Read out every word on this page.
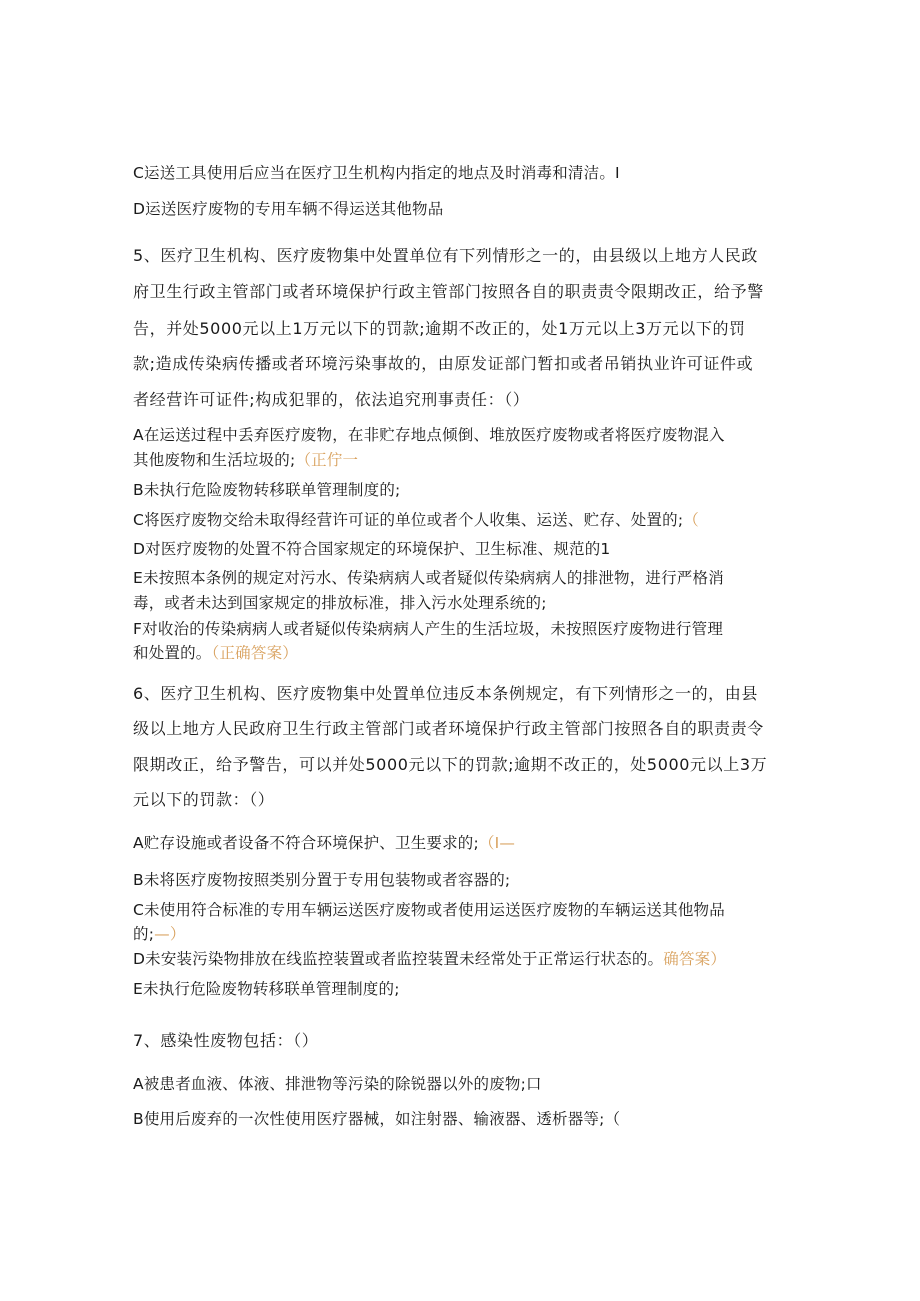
C运送工具使用后应当在医疗卫生机构内指定的地点及时消毒和清洁。I
D运送医疗废物的专用车辆不得运送其他物品
5、医疗卫生机构、医疗废物集中处置单位有下列情形之一的，由县级以上地方人民政
府卫生行政主管部门或者环境保护行政主管部门按照各自的职责责令限期改正，给予警
告，并处5000元以上1万元以下的罚款;逾期不改正的，处1万元以上3万元以下的罚
款;造成传染病传播或者环境污染事故的，由原发证部门暂扣或者吊销执业许可证件或
者经营许可证件;构成犯罪的，依法追究刑事责任：（）
A在运送过程中丢弃医疗废物，在非贮存地点倾倒、堆放医疗废物或者将医疗废物混入
其他废物和生活垃圾的;（正佇一
B未执行危险废物转移联单管理制度的;
C将医疗废物交给未取得经营许可证的单位或者个人收集、运送、贮存、处置的;（
D对医疗废物的处置不符合国家规定的环境保护、卫生标准、规范的1
E未按照本条例的规定对污水、传染病病人或者疑似传染病病人的排泄物，进行严格消
毒，或者未达到国家规定的排放标准，排入污水处理系统的;
F对收治的传染病病人或者疑似传染病病人产生的生活垃圾，未按照医疗废物进行管理
和处置的。（正确答案）
6、医疗卫生机构、医疗废物集中处置单位违反本条例规定，有下列情形之一的，由县
级以上地方人民政府卫生行政主管部门或者环境保护行政主管部门按照各自的职责责令
限期改正，给予警告，可以并处5000元以下的罚款;逾期不改正的，处5000元以上3万
元以下的罚款：（）
A贮存设施或者设备不符合环境保护、卫生要求的;（I—
B未将医疗废物按照类别分置于专用包装物或者容器的;
C未使用符合标准的专用车辆运送医疗废物或者使用运送医疗废物的车辆运送其他物品
的;—）
D未安装污染物排放在线监控装置或者监控装置未经常处于正常运行状态的。确答案）
E未执行危险废物转移联单管理制度的;
7、感染性废物包括：（）
A被患者血液、体液、排泄物等污染的除锐器以外的废物;口
B使用后废弃的一次性使用医疗器械，如注射器、输液器、透析器等;（
